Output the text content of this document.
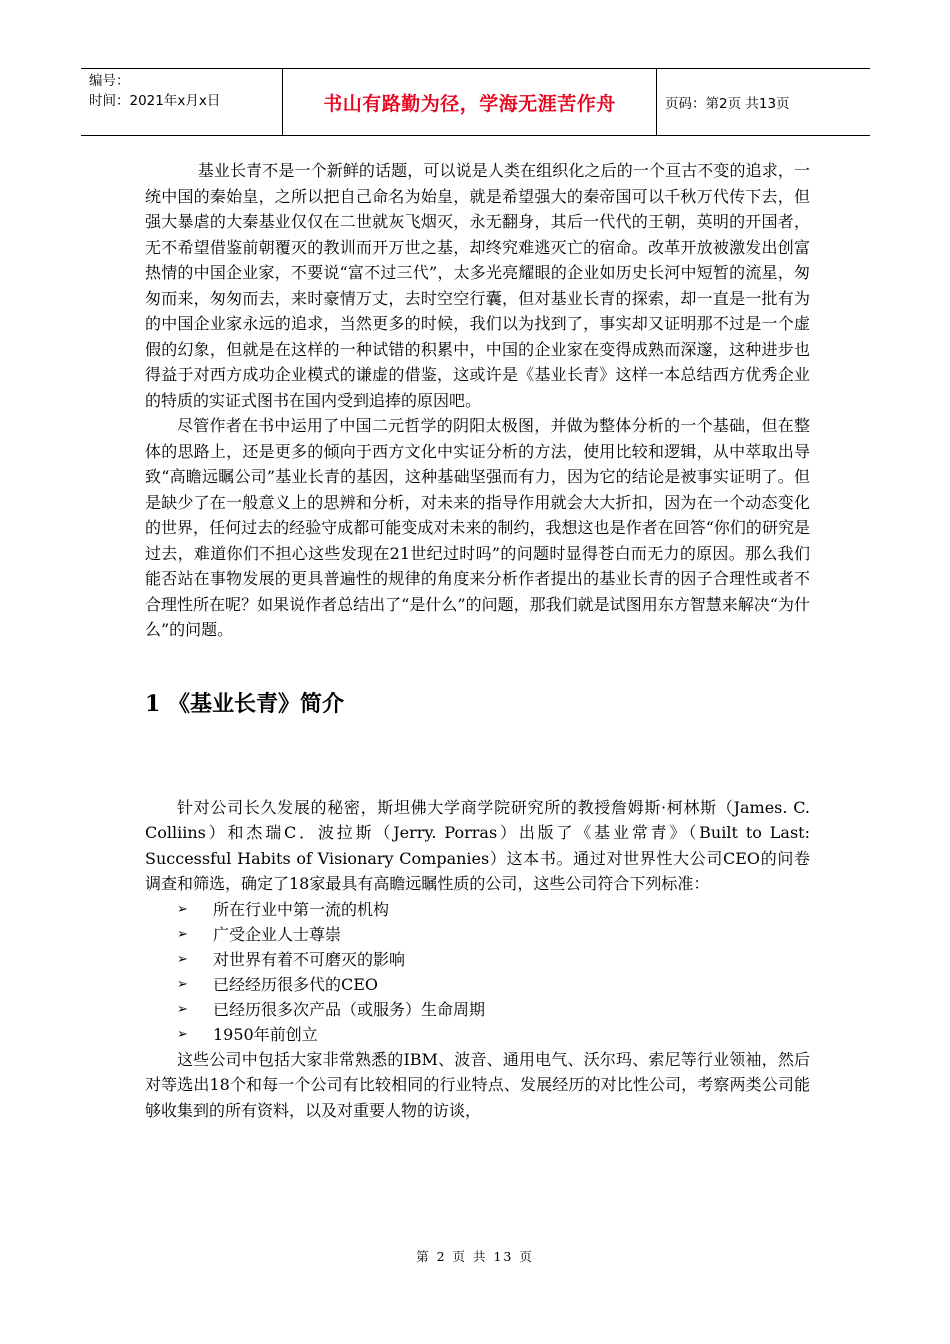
编号：
时间：2021年x月x日	书山有路勤为径，学海无涯苦作舟	页码：第2页 共13页

基业长青不是一个新鲜的话题，可以说是人类在组织化之后的一个亘古不变的追求，一统中国的秦始皇，之所以把自己命名为始皇，就是希望强大的秦帝国可以千秋万代传下去，但强大暴虐的大秦基业仅仅在二世就灰飞烟灭，永无翻身，其后一代代的王朝，英明的开国者，无不希望借鉴前朝覆灭的教训而开万世之基，却终究难逃灭亡的宿命。改革开放被激发出创富热情的中国企业家，不要说“富不过三代”，太多光亮耀眼的企业如历史长河中短暂的流星，匆匆而来，匆匆而去，来时豪情万丈，去时空空行囊，但对基业长青的探索，却一直是一批有为的中国企业家永远的追求，当然更多的时候，我们以为找到了，事实却又证明那不过是一个虚假的幻象，但就是在这样的一种试错的积累中，中国的企业家在变得成熟而深邃，这种进步也得益于对西方成功企业模式的谦虚的借鉴，这或许是《基业长青》这样一本总结西方优秀企业的特质的实证式图书在国内受到追捧的原因吧。

尽管作者在书中运用了中国二元哲学的阴阳太极图，并做为整体分析的一个基础，但在整体的思路上，还是更多的倾向于西方文化中实证分析的方法，使用比较和逻辑，从中萃取出导致“高瞻远瞩公司”基业长青的基因，这种基础坚强而有力，因为它的结论是被事实证明了。但是缺少了在一般意义上的思辨和分析，对未来的指导作用就会大大折扣，因为在一个动态变化的世界，任何过去的经验守成都可能变成对未来的制约，我想这也是作者在回答“你们的研究是过去，难道你们不担心这些发现在21世纪过时吗”的问题时显得苍白而无力的原因。那么我们能否站在事物发展的更具普遍性的规律的角度来分析作者提出的基业长青的因子合理性或者不合理性所在呢？如果说作者总结出了“是什么”的问题，那我们就是试图用东方智慧来解决“为什么”的问题。

1 《基业长青》简介

针对公司长久发展的秘密，斯坦佛大学商学院研究所的教授詹姆斯·柯林斯（James. C. Colliins）和杰瑞C．波拉斯（Jerry. Porras）出版了《基业常青》（Built to Last: Successful Habits of Visionary Companies）这本书。通过对世界性大公司CEO的问卷调查和筛选，确定了18家最具有高瞻远瞩性质的公司，这些公司符合下列标准：

➢	所在行业中第一流的机构
➢	广受企业人士尊崇
➢	对世界有着不可磨灭的影响
➢	已经经历很多代的CEO
➢	已经历很多次产品（或服务）生命周期
➢	1950年前创立

这些公司中包括大家非常熟悉的IBM、波音、通用电气、沃尔玛、索尼等行业领袖，然后对等选出18个和每一个公司有比较相同的行业特点、发展经历的对比性公司，考察两类公司能够收集到的所有资料，以及对重要人物的访谈，

第 2 页 共 13 页
